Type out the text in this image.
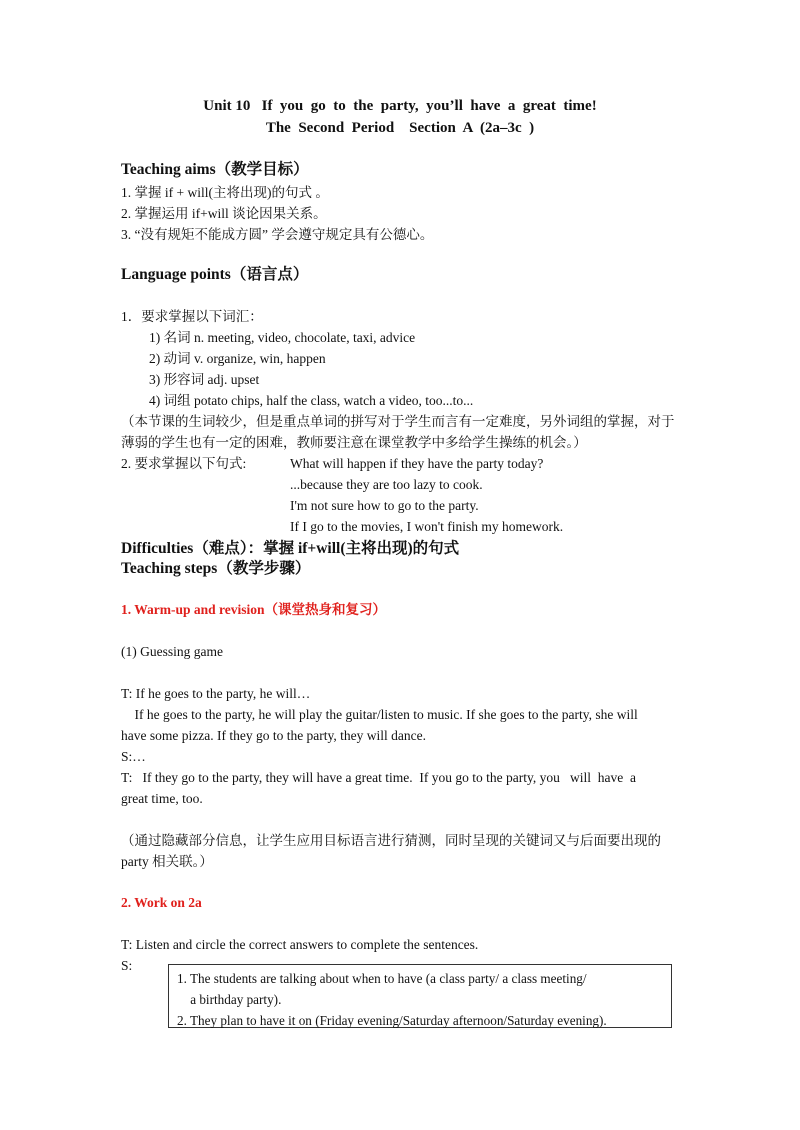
Unit 10   If  you  go  to  the  party,  you’ll  have  a  great  time!
The  Second  Period    Section  A  (2a–3c  )
Teaching aims（教学目标）
1. 掌握 if + will(主将出现)的句式 。
2. 掌握运用 if+will 谈论因果关系。
3. “没有规矩不能成方圆” 学会遵守规定具有公德心。
Language points（语言点）
1．要求掌握以下词汇：
1) 名词 n. meeting, video, chocolate, taxi, advice
2) 动词 v. organize, win, happen
3) 形容词 adj. upset
4) 词组 potato chips, half the class, watch a video, too...to...
（本节课的生词较少，但是重点单词的拼写对于学生而言有一定难度，另外词组的掌握，对于
薄弱的学生也有一定的困难，教师要注意在课堂教学中多给学生操练的机会。）
2. 要求掌握以下句式:	What will happen if they have the party today?
...because they are too lazy to cook.
I'm not sure how to go to the party.
If I go to the movies, I won't finish my homework.
Difficulties（难点）：掌握 if+will(主将出现)的句式
Teaching steps（教学步骤）
1. Warm-up and revision（课堂热身和复习）
(1) Guessing game
T: If he goes to the party, he will…
If he goes to the party, he will play the guitar/listen to music. If she goes to the party, she will
have some pizza. If they go to the party, they will dance.
S:…
T:   If they go to the party, they will have a great time.  If you go to the party, you   will  have  a
great time, too.
（通过隐藏部分信息，让学生应用目标语言进行猜测，同时呈现的关键词又与后面要出现的
party 相关联。）
2. Work on 2a
T: Listen and circle the correct answers to complete the sentences.
S:
1. The students are talking about when to have (a class party/ a class meeting/
a birthday party).
2. They plan to have it on (Friday evening/Saturday afternoon/Saturday evening).
